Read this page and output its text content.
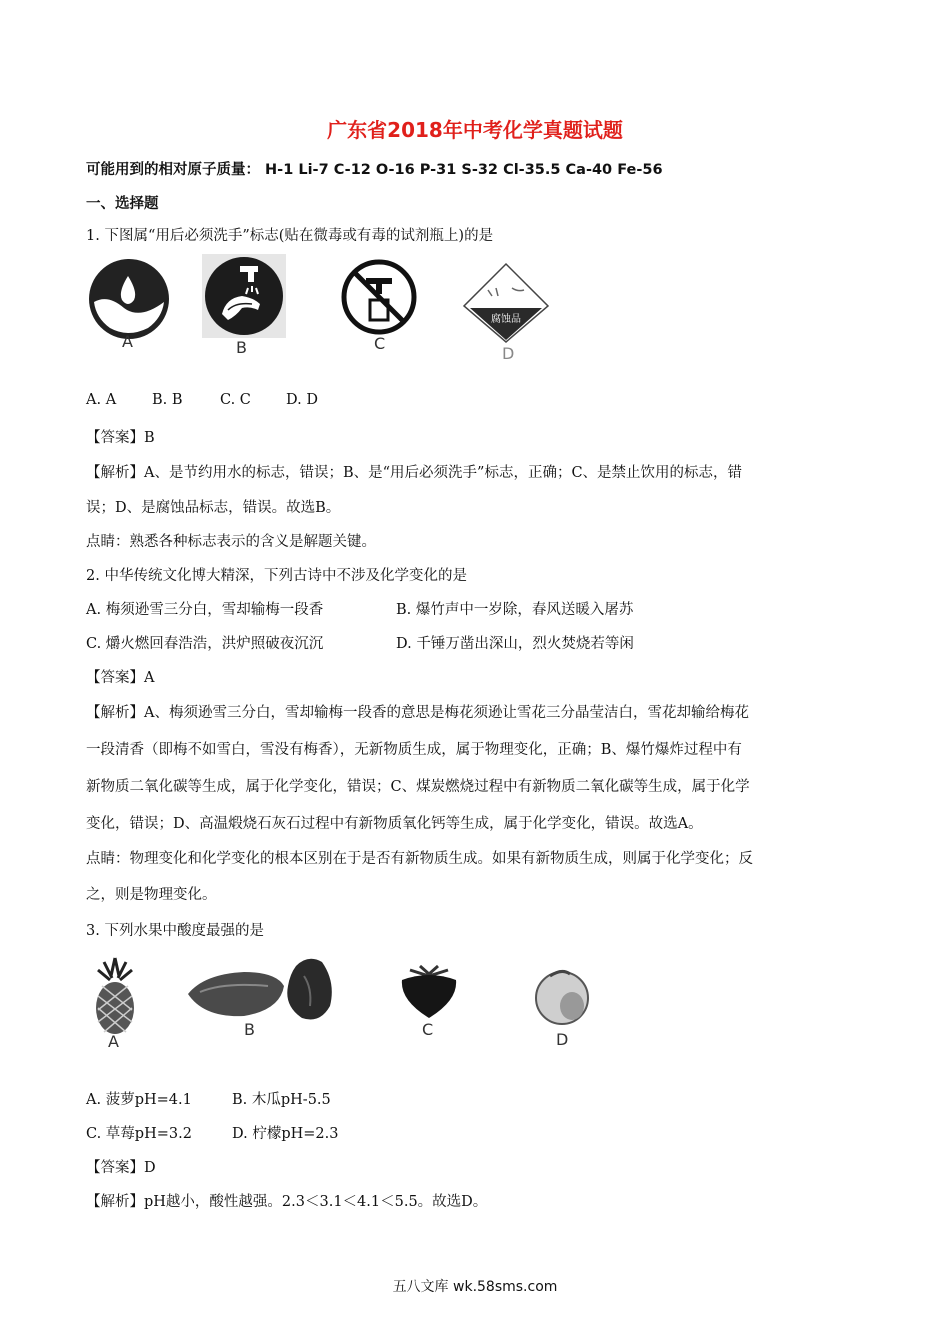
广东省2018年中考化学真题试题
可能用到的相对原子质量： H-1 Li-7 C-12 O-16 P-31 S-32 Cl-35.5 Ca-40 Fe-56
一、选择题
1. 下图属“用后必须洗手”标志(贴在微毒或有毒的试剂瓶上)的是
A	B	C
腐蚀品
D
A. A B. B	C. C D. D
【答案】B
【解析】A、是节约用水的标志，错误；B、是“用后必须洗手”标志，正确；C、是禁止饮用的标志，错
误；D、是腐蚀品标志，错误。故选B。
点睛：熟悉各种标志表示的含义是解题关键。
2. 中华传统文化博大精深，下列古诗中不涉及化学变化的是
A. 梅须逊雪三分白，雪却输梅一段香	B. 爆竹声中一岁除，春风送暖入屠苏
C. 爝火燃回春浩浩，洪炉照破夜沉沉	D. 千锤万凿出深山，烈火焚烧若等闲
【答案】A
【解析】A、梅须逊雪三分白，雪却输梅一段香的意思是梅花须逊让雪花三分晶莹洁白，雪花却输给梅花
一段清香（即梅不如雪白，雪没有梅香），无新物质生成，属于物理变化，正确；B、爆竹爆炸过程中有
新物质二氧化碳等生成，属于化学变化，错误；C、煤炭燃烧过程中有新物质二氧化碳等生成，属于化学
变化，错误；D、高温煅烧石灰石过程中有新物质氧化钙等生成，属于化学变化，错误。故选A。
点睛：物理变化和化学变化的根本区别在于是否有新物质生成。如果有新物质生成，则属于化学变化；反
之，则是物理变化。
3. 下列水果中酸度最强的是
A
B	C
D
A. 菠萝pH=4.1	B. 木瓜pH-5.5
C. 草莓pH=3.2	D. 柠檬pH=2.3
【答案】D
【解析】pH越小，酸性越强。2.3＜3.1＜4.1＜5.5。故选D。
五八文库 wk.58sms.com
